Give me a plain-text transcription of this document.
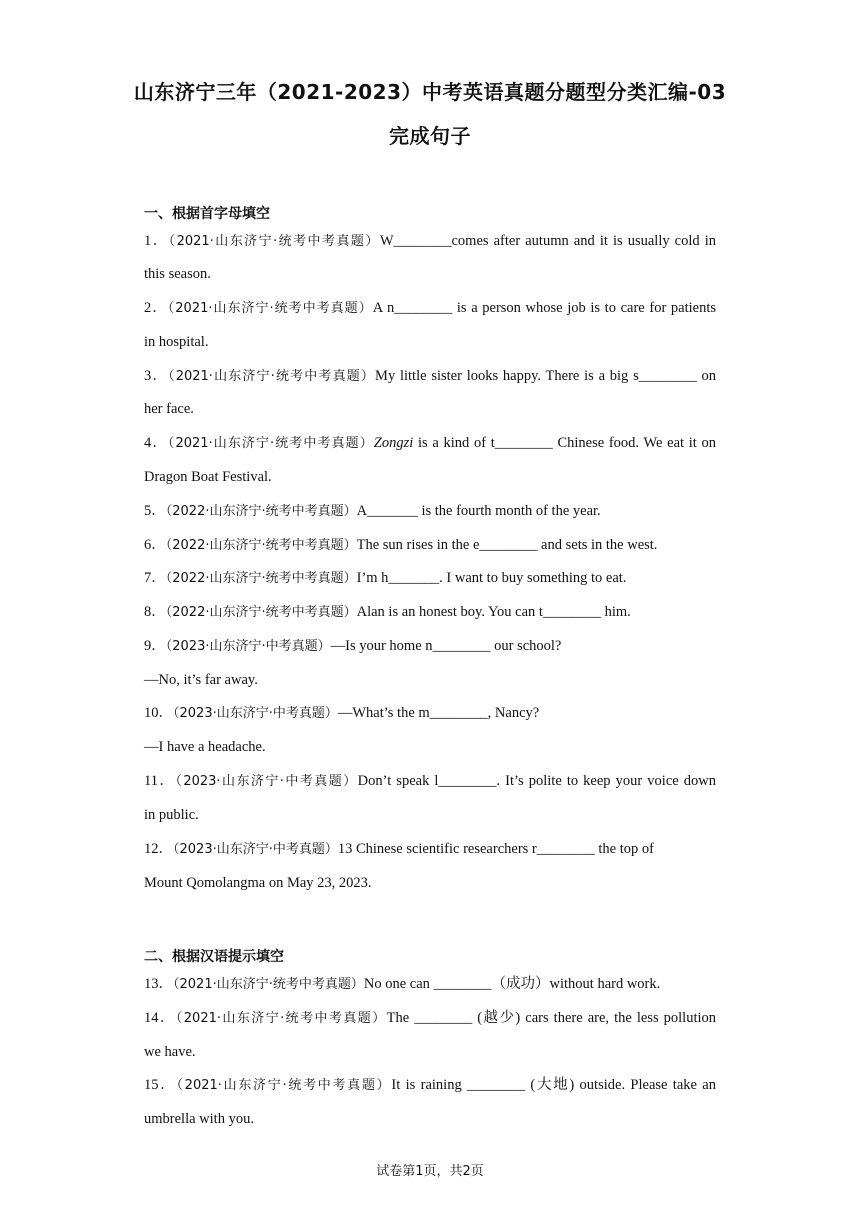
山东济宁三年（2021-2023）中考英语真题分题型分类汇编-03
完成句子
一、根据首字母填空
1．（2021·山东济宁·统考中考真题）W________comes after autumn and it is usually cold in
this season.
2．（2021·山东济宁·统考中考真题）A n________ is a person whose job is to care for patients
in hospital.
3．（2021·山东济宁·统考中考真题）My little sister looks happy. There is a big s________ on
her face.
4．（2021·山东济宁·统考中考真题）Zongzi is a kind of t________ Chinese food. We eat it on
Dragon Boat Festival.
5．（2022·山东济宁·统考中考真题）A_______ is the fourth month of the year.
6．（2022·山东济宁·统考中考真题）The sun rises in the e________ and sets in the west.
7．（2022·山东济宁·统考中考真题）I’m h_______. I want to buy something to eat.
8．（2022·山东济宁·统考中考真题）Alan is an honest boy. You can t________ him.
9．（2023·山东济宁·中考真题）—Is your home n________ our school?
—No, it’s far away.
10．（2023·山东济宁·中考真题）—What’s the m________, Nancy?
—I have a headache.
11．（2023·山东济宁·中考真题）Don’t speak l________. It’s polite to keep your voice down
in public.
12．（2023·山东济宁·中考真题）13 Chinese scientific researchers r________ the top of
Mount Qomolangma on May 23, 2023.
二、根据汉语提示填空
13．（2021·山东济宁·统考中考真题）No one can ________（成功）without hard work.
14．（2021·山东济宁·统考中考真题）The ________ (越少) cars there are, the less pollution
we have.
15．（2021·山东济宁·统考中考真题）It is raining ________ (大地) outside. Please take an
umbrella with you.
试卷第1页，共2页
